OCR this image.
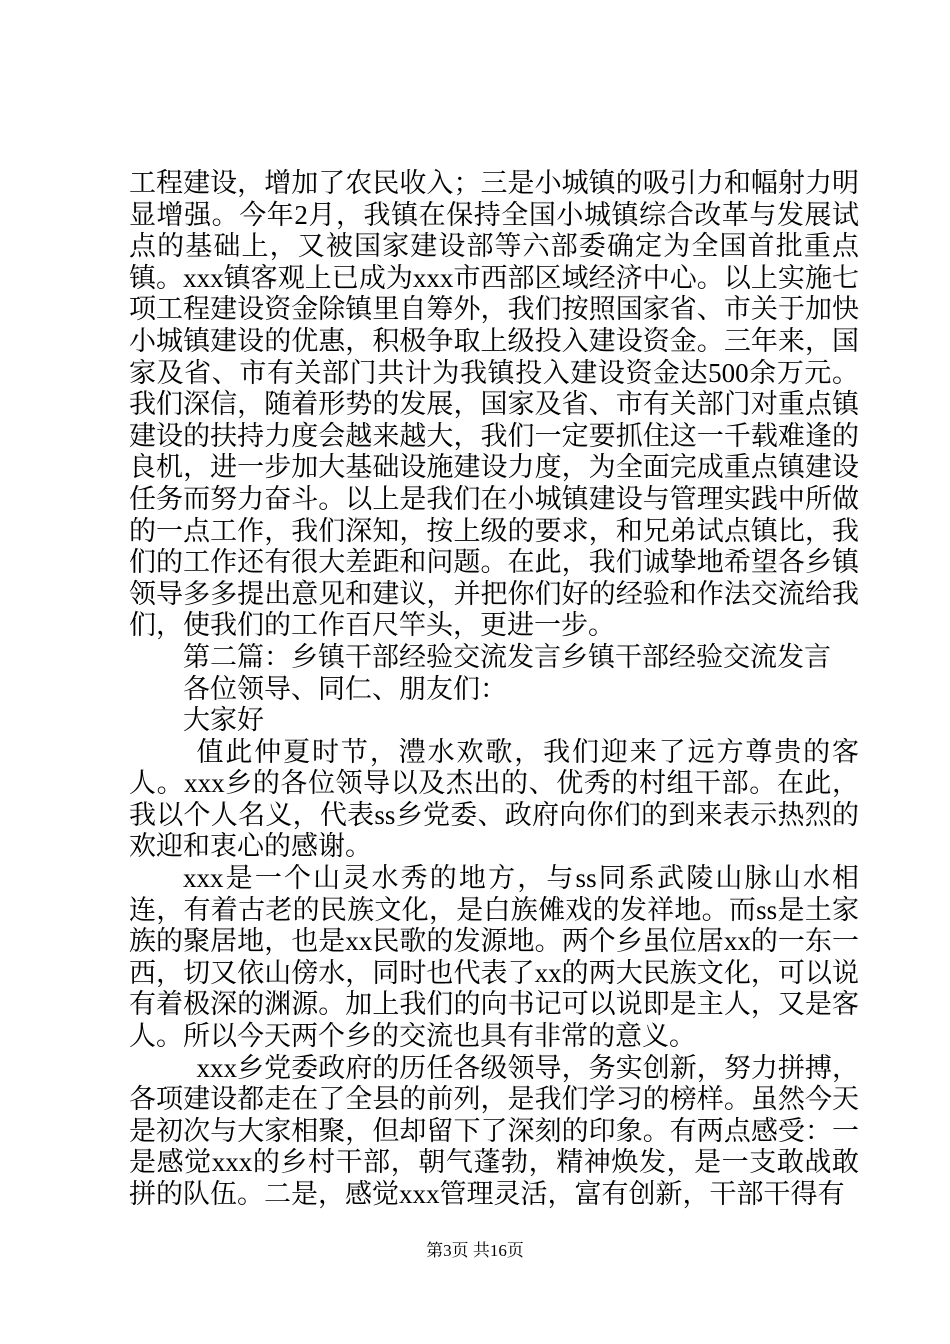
工程建设，增加了农民收入；三是小城镇的吸引力和幅射力明显增强。今年2月，我镇在保持全国小城镇综合改革与发展试点的基础上，又被国家建设部等六部委确定为全国首批重点镇。xxx镇客观上已成为xxx市西部区域经济中心。以上实施七项工程建设资金除镇里自筹外，我们按照国家省、市关于加快小城镇建设的优惠，积极争取上级投入建设资金。三年来，国家及省、市有关部门共计为我镇投入建设资金达500余万元。我们深信，随着形势的发展，国家及省、市有关部门对重点镇建设的扶持力度会越来越大，我们一定要抓住这一千载难逢的良机，进一步加大基础设施建设力度，为全面完成重点镇建设任务而努力奋斗。以上是我们在小城镇建设与管理实践中所做的一点工作，我们深知，按上级的要求，和兄弟试点镇比，我们的工作还有很大差距和问题。在此，我们诚挚地希望各乡镇领导多多提出意见和建议，并把你们好的经验和作法交流给我们，使我们的工作百尺竿头，更进一步。

第二篇：乡镇干部经验交流发言乡镇干部经验交流发言

各位领导、同仁、朋友们：

大家好

值此仲夏时节，澧水欢歌，我们迎来了远方尊贵的客人。xxx乡的各位领导以及杰出的、优秀的村组干部。在此，我以个人名义，代表ss乡党委、政府向你们的到来表示热烈的欢迎和衷心的感谢。

xxx是一个山灵水秀的地方，与ss同系武陵山脉山水相连，有着古老的民族文化，是白族傩戏的发祥地。而ss是土家族的聚居地，也是xx民歌的发源地。两个乡虽位居xx的一东一西，切又依山傍水，同时也代表了xx的两大民族文化，可以说有着极深的渊源。加上我们的向书记可以说即是主人，又是客人。所以今天两个乡的交流也具有非常的意义。

xxx乡党委政府的历任各级领导，务实创新，努力拼搏，各项建设都走在了全县的前列，是我们学习的榜样。虽然今天是初次与大家相聚，但却留下了深刻的印象。有两点感受：一是感觉xxx的乡村干部，朝气蓬勃，精神焕发，是一支敢战敢拼的队伍。二是，感觉xxx管理灵活，富有创新，干部干得有

第3页 共16页
